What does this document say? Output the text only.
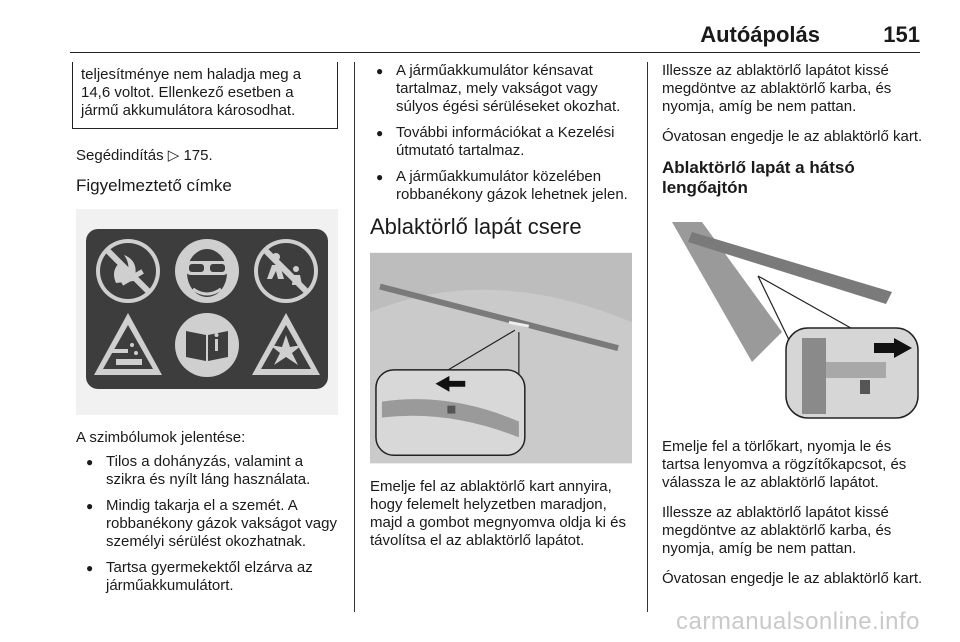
Autóápolás	151
teljesítménye nem haladja meg a 14,6 voltot. Ellenkező esetben a jármű akkumulátora károsodhat.

Segédindítás ▷ 175.

Figyelmeztető címke

A szimbólumok jelentése:

● Tilos a dohányzás, valamint a szikra és nyílt láng használata.
● Mindig takarja el a szemét. A robbanékony gázok vakságot vagy személyi sérülést okozhatnak.
● Tartsa gyermekektől elzárva az járműakkumulátort.
● A járműakkumulátor kénsavat tartalmaz, mely vakságot vagy súlyos égési sérüléseket okozhat.
● További információkat a Kezelési útmutató tartalmaz.
● A járműakkumulátor közelében robbanékony gázok lehetnek jelen.
Ablaktörlő lapát csere

Emelje fel az ablaktörlő kart annyira, hogy felemelt helyzetben maradjon, majd a gombot megnyomva oldja ki és távolítsa el az ablaktörlő lapátot.

Illessze az ablaktörlő lapátot kissé megdöntve az ablaktörlő karba, és nyomja, amíg be nem pattan.

Óvatosan engedje le az ablaktörlő kart.

Ablaktörlő lapát a hátsó lengőajtón

Emelje fel a törlőkart, nyomja le és tartsa lenyomva a rögzítőkapcsot, és válassza le az ablaktörlő lapátot.

Illessze az ablaktörlő lapátot kissé megdöntve az ablaktörlő karba, és nyomja, amíg be nem pattan.

Óvatosan engedje le az ablaktörlő kart.

carmanualsonline.info
